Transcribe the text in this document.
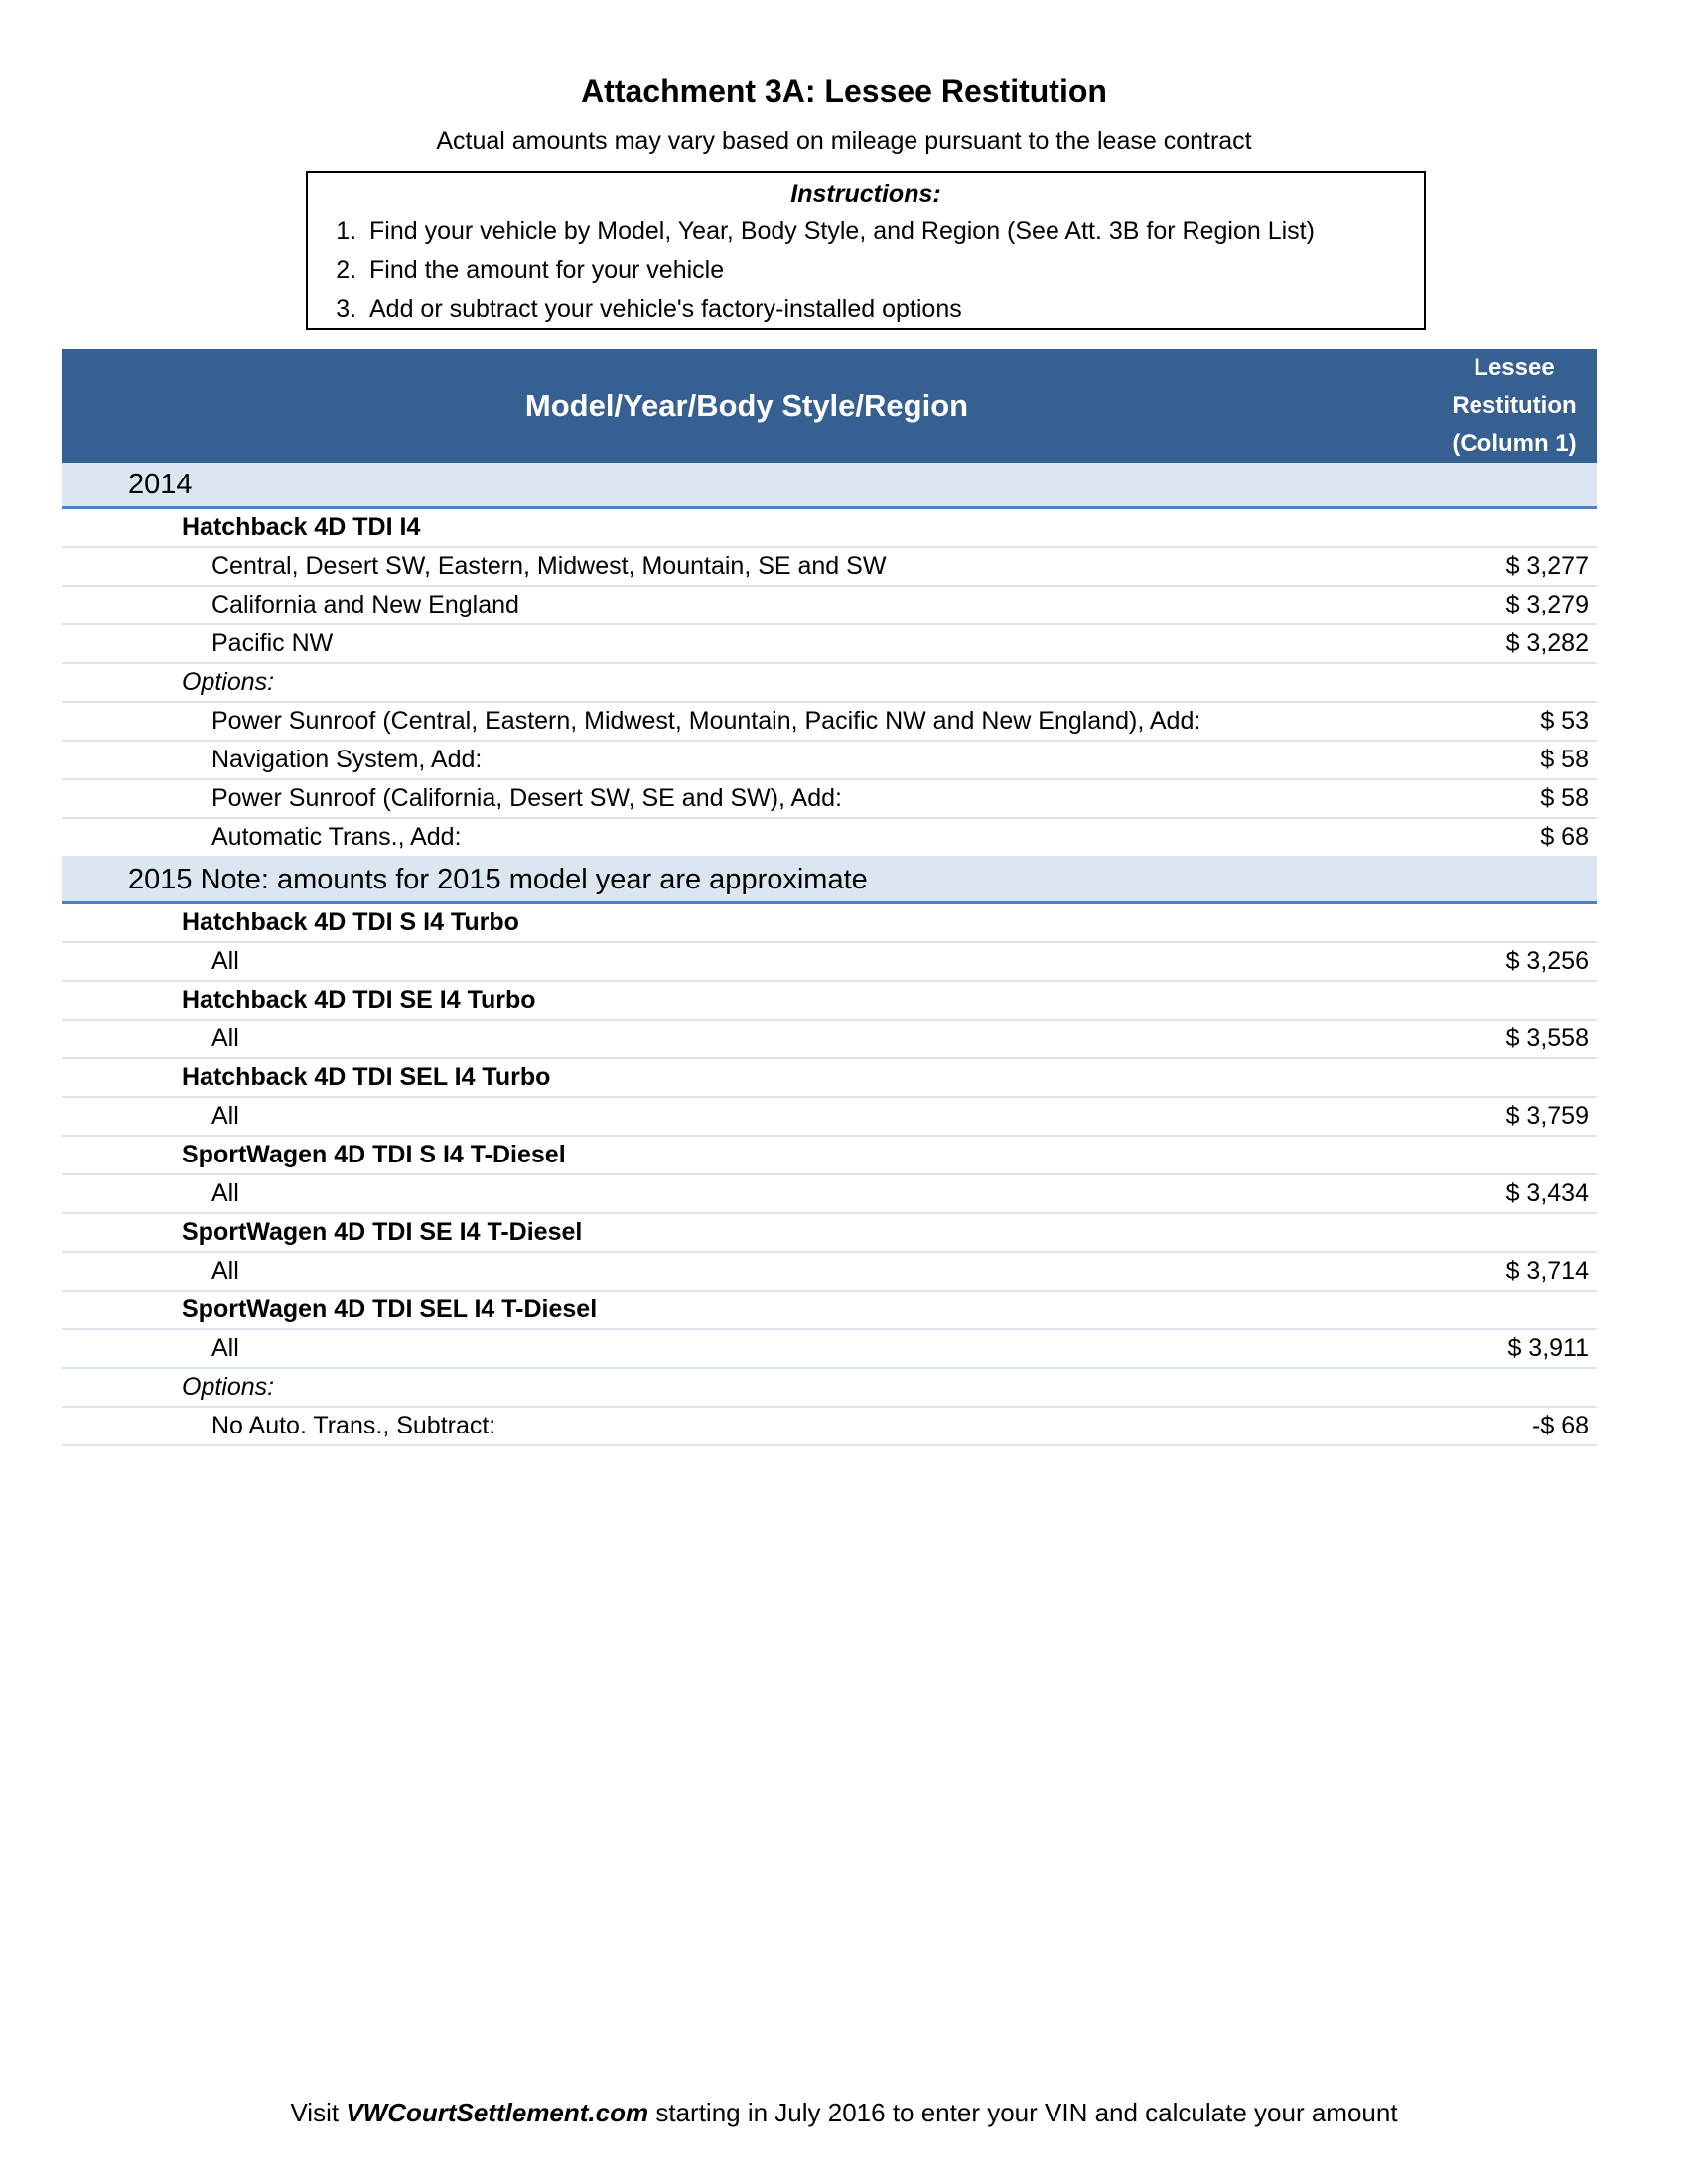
Attachment 3A: Lessee Restitution
Actual amounts may vary based on mileage pursuant to the lease contract
Instructions:
1. Find your vehicle by Model, Year, Body Style, and Region (See Att. 3B for Region List)
2. Find the amount for your vehicle
3. Add or subtract your vehicle's factory-installed options
Model/Year/Body Style/Region
Lessee
Restitution
(Column 1)
2014
Hatchback 4D TDI I4
Central, Desert SW, Eastern, Midwest, Mountain, SE and SW	$ 3,277
California and New England	$ 3,279
Pacific NW	$ 3,282
Options:
Power Sunroof (Central, Eastern, Midwest, Mountain, Pacific NW and New England), Add:	$ 53
Navigation System, Add:	$ 58
Power Sunroof (California, Desert SW, SE and SW), Add:	$ 58
Automatic Trans., Add:	$ 68
2015 Note: amounts for 2015 model year are approximate
Hatchback 4D TDI S I4 Turbo
All	$ 3,256
Hatchback 4D TDI SE I4 Turbo
All	$ 3,558
Hatchback 4D TDI SEL I4 Turbo
All	$ 3,759
SportWagen 4D TDI S I4 T-Diesel
All	$ 3,434
SportWagen 4D TDI SE I4 T-Diesel
All	$ 3,714
SportWagen 4D TDI SEL I4 T-Diesel
All	$ 3,911
Options:
No Auto. Trans., Subtract:	-$ 68
Visit VWCourtSettlement.com starting in July 2016 to enter your VIN and calculate your amount
